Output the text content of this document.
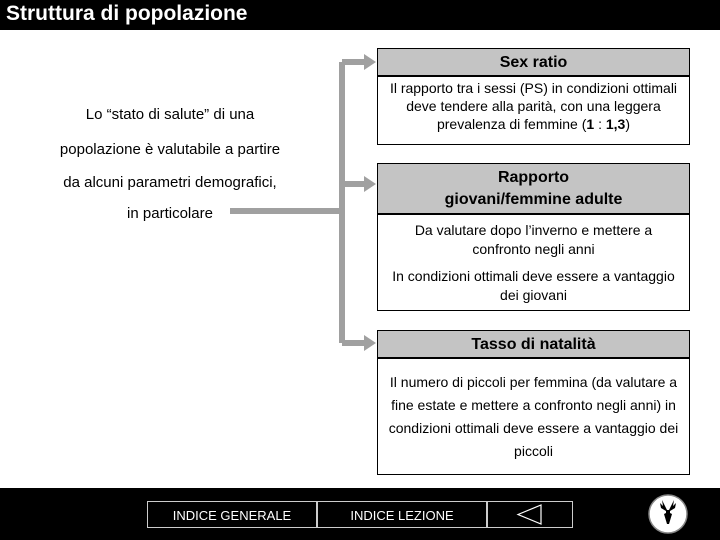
Struttura di popolazione
Lo “stato di salute” di una
popolazione è valutabile a partire
da alcuni parametri demografici,
in particolare
Sex ratio
Il rapporto tra i sessi (PS) in condizioni ottimali deve tendere alla parità, con una leggera prevalenza di femmine (1 : 1,3)
Rapporto
giovani/femmine adulte
Da valutare dopo l’inverno e mettere a confronto negli anni
In condizioni ottimali deve essere a vantaggio dei giovani
Tasso di natalità
Il numero di piccoli per femmina (da valutare a fine estate e mettere a confronto negli anni) in condizioni ottimali deve essere a vantaggio dei piccoli
INDICE GENERALE	INDICE LEZIONE
